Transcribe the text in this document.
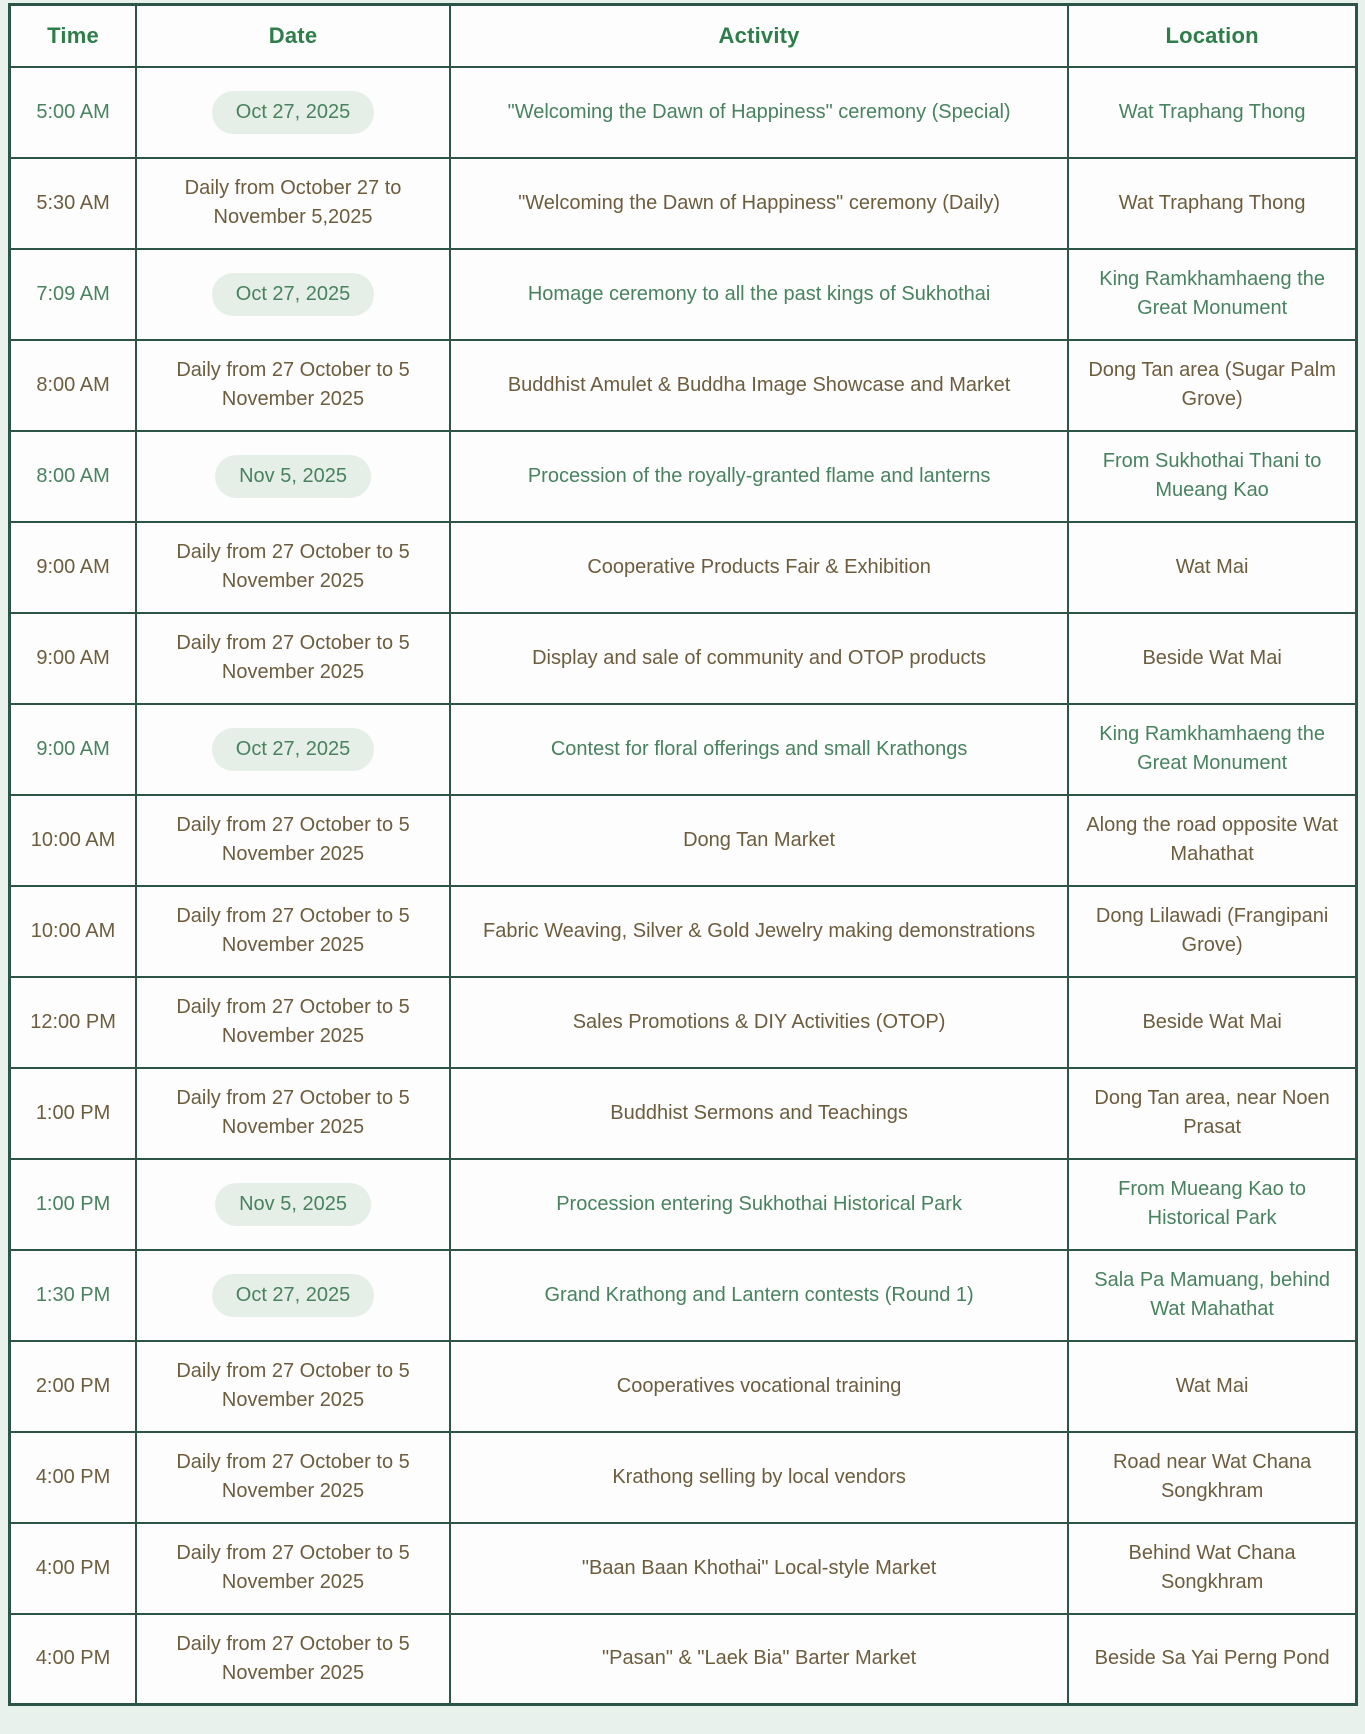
Time	Date	Activity	Location
5:00 AM	Oct 27, 2025	"Welcoming the Dawn of Happiness" ceremony (Special)	Wat Traphang Thong
5:30 AM	Daily from October 27 to November 5,2025	"Welcoming the Dawn of Happiness" ceremony (Daily)	Wat Traphang Thong
7:09 AM	Oct 27, 2025	Homage ceremony to all the past kings of Sukhothai	King Ramkhamhaeng the Great Monument
8:00 AM	Daily from 27 October to 5 November 2025	Buddhist Amulet & Buddha Image Showcase and Market	Dong Tan area (Sugar Palm Grove)
8:00 AM	Nov 5, 2025	Procession of the royally-granted flame and lanterns	From Sukhothai Thani to Mueang Kao
9:00 AM	Daily from 27 October to 5 November 2025	Cooperative Products Fair & Exhibition	Wat Mai
9:00 AM	Daily from 27 October to 5 November 2025	Display and sale of community and OTOP products	Beside Wat Mai
9:00 AM	Oct 27, 2025	Contest for floral offerings and small Krathongs	King Ramkhamhaeng the Great Monument
10:00 AM	Daily from 27 October to 5 November 2025	Dong Tan Market	Along the road opposite Wat Mahathat
10:00 AM	Daily from 27 October to 5 November 2025	Fabric Weaving, Silver & Gold Jewelry making demonstrations	Dong Lilawadi (Frangipani Grove)
12:00 PM	Daily from 27 October to 5 November 2025	Sales Promotions & DIY Activities (OTOP)	Beside Wat Mai
1:00 PM	Daily from 27 October to 5 November 2025	Buddhist Sermons and Teachings	Dong Tan area, near Noen Prasat
1:00 PM	Nov 5, 2025	Procession entering Sukhothai Historical Park	From Mueang Kao to Historical Park
1:30 PM	Oct 27, 2025	Grand Krathong and Lantern contests (Round 1)	Sala Pa Mamuang, behind Wat Mahathat
2:00 PM	Daily from 27 October to 5 November 2025	Cooperatives vocational training	Wat Mai
4:00 PM	Daily from 27 October to 5 November 2025	Krathong selling by local vendors	Road near Wat Chana Songkhram
4:00 PM	Daily from 27 October to 5 November 2025	"Baan Baan Khothai" Local-style Market	Behind Wat Chana Songkhram
4:00 PM	Daily from 27 October to 5 November 2025	"Pasan" & "Laek Bia" Barter Market	Beside Sa Yai Perng Pond
